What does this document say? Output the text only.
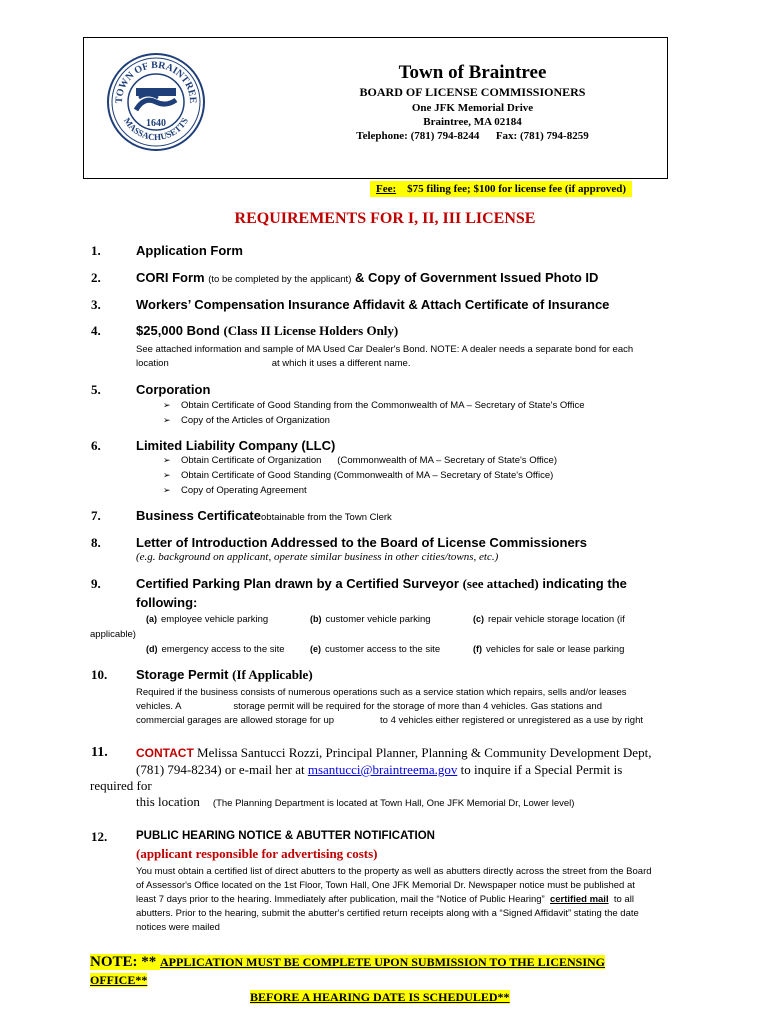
TOWN OF BRAINTREE
MASSACHUSETTS
1640
Town of Braintree
BOARD OF LICENSE COMMISSIONERS
One JFK Memorial Drive
Braintree, MA 02184
Telephone: (781) 794-8244 Fax: (781) 794-8259
Fee: $75 filing fee; $100 for license fee (if approved)
REQUIREMENTS FOR I, II, III LICENSE
1.	Application Form
2.	CORI Form (to be completed by the applicant) & Copy of Government Issued Photo ID
3.	Workers’ Compensation Insurance Affidavit & Attach Certificate of Insurance
4.	$25,000 Bond (Class II License Holders Only)
See attached information and sample of MA Used Car Dealer's Bond. NOTE: A dealer needs a separate bond for each
location	at which it uses a different name.
5.	Corporation
➢ Obtain Certificate of Good Standing from the Commonwealth of MA – Secretary of State's Office
➢ Copy of the Articles of Organization
6.	Limited Liability Company (LLC)
➢ Obtain Certificate of Organization      (Commonwealth of MA – Secretary of State's Office)
➢ Obtain Certificate of Good Standing (Commonwealth of MA – Secretary of State's Office)
➢ Copy of Operating Agreement
7.	Business Certificateobtainable from the Town Clerk
8.	Letter of Introduction Addressed to the Board of License Commissioners
(e.g. background on applicant, operate similar business in other cities/towns, etc.)
9.	Certified Parking Plan drawn by a Certified Surveyor (see attached) indicating the
following:
(a) employee vehicle parking	(b) customer vehicle parking	(c) repair vehicle storage location (if
applicable)
(d) emergency access to the site	(e) customer access to the site	(f) vehicles for sale or lease parking
10. Storage Permit (If Applicable)
Required if the business consists of numerous operations such as a service station which repairs, sells and/or leases
vehicles. A	storage permit will be required for the storage of more than 4 vehicles. Gas stations and
commercial garages are allowed storage for up	to 4 vehicles either registered or unregistered as a use by right
11. CONTACT Melissa Santucci Rozzi, Principal Planner, Planning & Community Development Dept,
(781) 794-8234) or e-mail her at msantucci@braintreema.gov to inquire if a Special Permit is
required for
this location (The Planning Department is located at Town Hall, One JFK Memorial Dr, Lower level)
12.	PUBLIC HEARING NOTICE & ABUTTER NOTIFICATION
(applicant responsible for advertising costs)
You must obtain a certified list of direct abutters to the property as well as abutters directly across the street from the Board
of Assessor's Office located on the 1st Floor, Town Hall, One JFK Memorial Dr. Newspaper notice must be published at
least 7 days prior to the hearing. Immediately after publication, mail the “Notice of Public Hearing” certified mail to all
abutters. Prior to the hearing, submit the abutter's certified return receipts along with a “Signed Affidavit” stating the date
notices were mailed
NOTE: ** APPLICATION MUST BE COMPLETE UPON SUBMISSION TO THE LICENSING
OFFICE**
BEFORE A HEARING DATE IS SCHEDULED**
